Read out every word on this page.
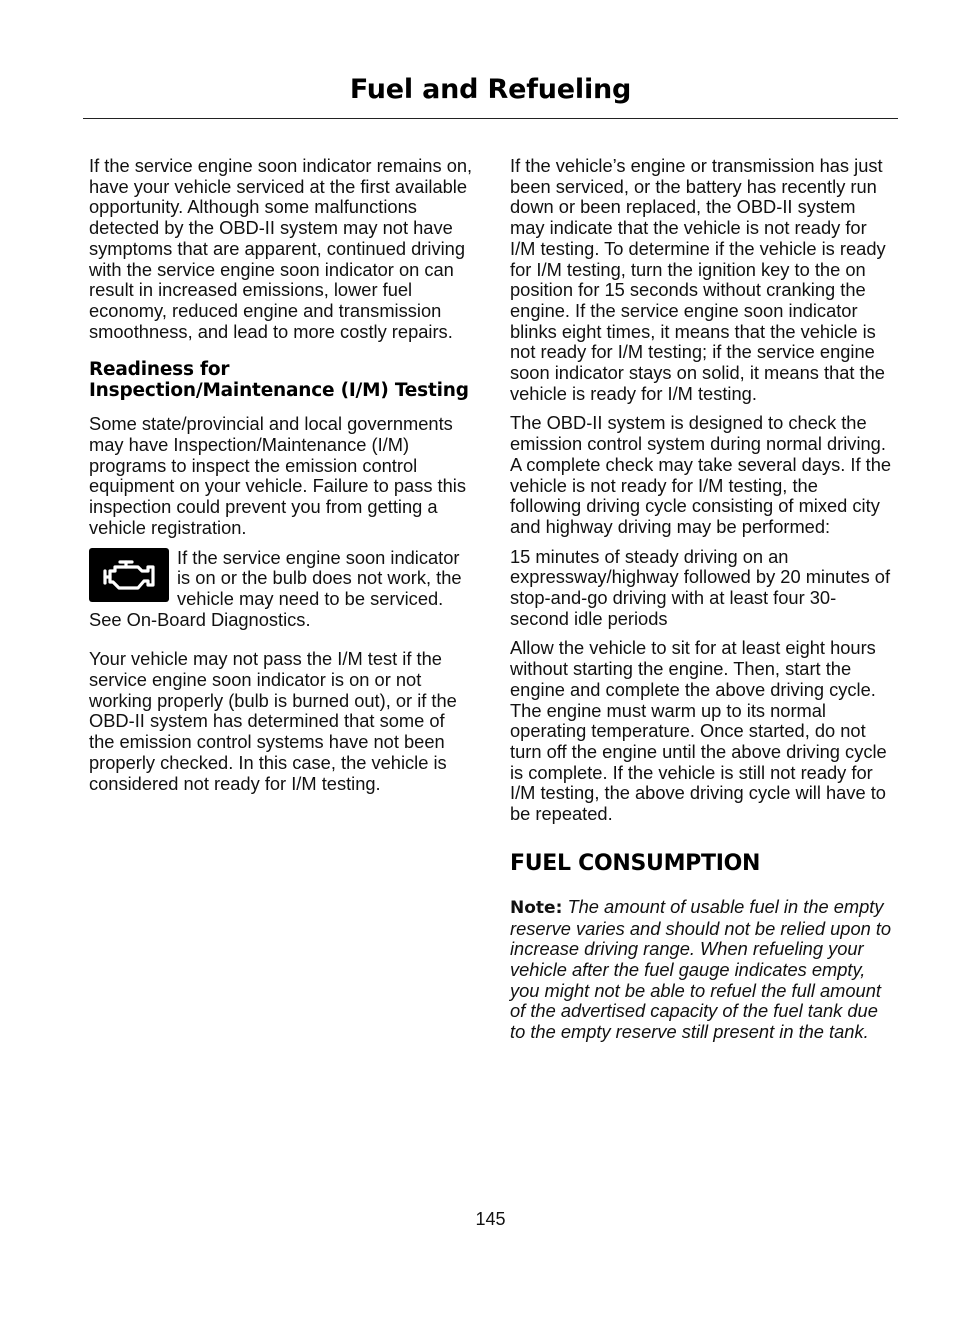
Fuel and Refueling

If the service engine soon indicator remains on, have your vehicle serviced at the first available opportunity. Although some malfunctions detected by the OBD-II system may not have symptoms that are apparent, continued driving with the service engine soon indicator on can result in increased emissions, lower fuel economy, reduced engine and transmission smoothness, and lead to more costly repairs.

Readiness for Inspection/Maintenance (I/M) Testing

Some state/provincial and local governments may have Inspection/Maintenance (I/M) programs to inspect the emission control equipment on your vehicle. Failure to pass this inspection could prevent you from getting a vehicle registration.

If the service engine soon indicator is on or the bulb does not work, the vehicle may need to be serviced. See On-Board Diagnostics.

Your vehicle may not pass the I/M test if the service engine soon indicator is on or not working properly (bulb is burned out), or if the OBD-II system has determined that some of the emission control systems have not been properly checked. In this case, the vehicle is considered not ready for I/M testing.

If the vehicle’s engine or transmission has just been serviced, or the battery has recently run down or been replaced, the OBD-II system may indicate that the vehicle is not ready for I/M testing. To determine if the vehicle is ready for I/M testing, turn the ignition key to the on position for 15 seconds without cranking the engine. If the service engine soon indicator blinks eight times, it means that the vehicle is not ready for I/M testing; if the service engine soon indicator stays on solid, it means that the vehicle is ready for I/M testing.

The OBD-II system is designed to check the emission control system during normal driving. A complete check may take several days. If the vehicle is not ready for I/M testing, the following driving cycle consisting of mixed city and highway driving may be performed:

15 minutes of steady driving on an expressway/highway followed by 20 minutes of stop-and-go driving with at least four 30-second idle periods

Allow the vehicle to sit for at least eight hours without starting the engine. Then, start the engine and complete the above driving cycle. The engine must warm up to its normal operating temperature. Once started, do not turn off the engine until the above driving cycle is complete. If the vehicle is still not ready for I/M testing, the above driving cycle will have to be repeated.

FUEL CONSUMPTION

Note: The amount of usable fuel in the empty reserve varies and should not be relied upon to increase driving range. When refueling your vehicle after the fuel gauge indicates empty, you might not be able to refuel the full amount of the advertised capacity of the fuel tank due to the empty reserve still present in the tank.

145
